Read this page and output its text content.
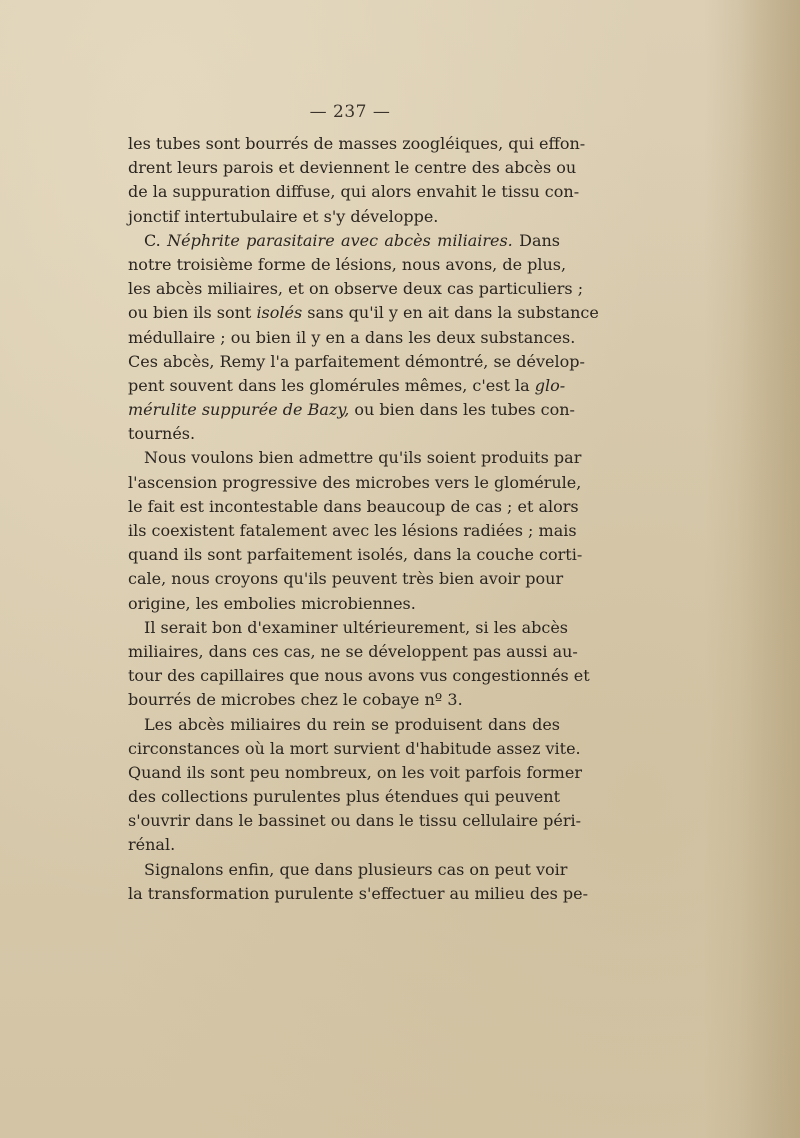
— 237 —
les tubes sont bourrés de masses zoogléiques, qui effon-
drent leurs parois et deviennent le centre des abcès ou
de la suppuration diffuse, qui alors envahit le tissu con-
jonctif intertubulaire et s'y développe.
C. Néphrite parasitaire avec abcès miliaires. Dans
notre troisième forme de lésions, nous avons, de plus,
les abcès miliaires, et on observe deux cas particuliers ;
ou bien ils sont isolés sans qu'il y en ait dans la substance
médullaire ; ou bien il y en a dans les deux substances.
Ces abcès, Remy l'a parfaitement démontré, se dévelop-
pent souvent dans les glomérules mêmes, c'est la glo-
mérulite suppurée de Bazy, ou bien dans les tubes con-
tournés.
Nous voulons bien admettre qu'ils soient produits par
l'ascension progressive des microbes vers le glomérule,
le fait est incontestable dans beaucoup de cas ; et alors
ils coexistent fatalement avec les lésions radiées ; mais
quand ils sont parfaitement isolés, dans la couche corti-
cale, nous croyons qu'ils peuvent très bien avoir pour
origine, les embolies microbiennes.
Il serait bon d'examiner ultérieurement, si les abcès
miliaires, dans ces cas, ne se développent pas aussi au-
tour des capillaires que nous avons vus congestionnés et
bourrés de microbes chez le cobaye nº 3.
Les abcès miliaires du rein se produisent dans des
circonstances où la mort survient d'habitude assez vite.
Quand ils sont peu nombreux, on les voit parfois former
des collections purulentes plus étendues qui peuvent
s'ouvrir dans le bassinet ou dans le tissu cellulaire péri-
rénal.
Signalons enfin, que dans plusieurs cas on peut voir
la transformation purulente s'effectuer au milieu des pe-
